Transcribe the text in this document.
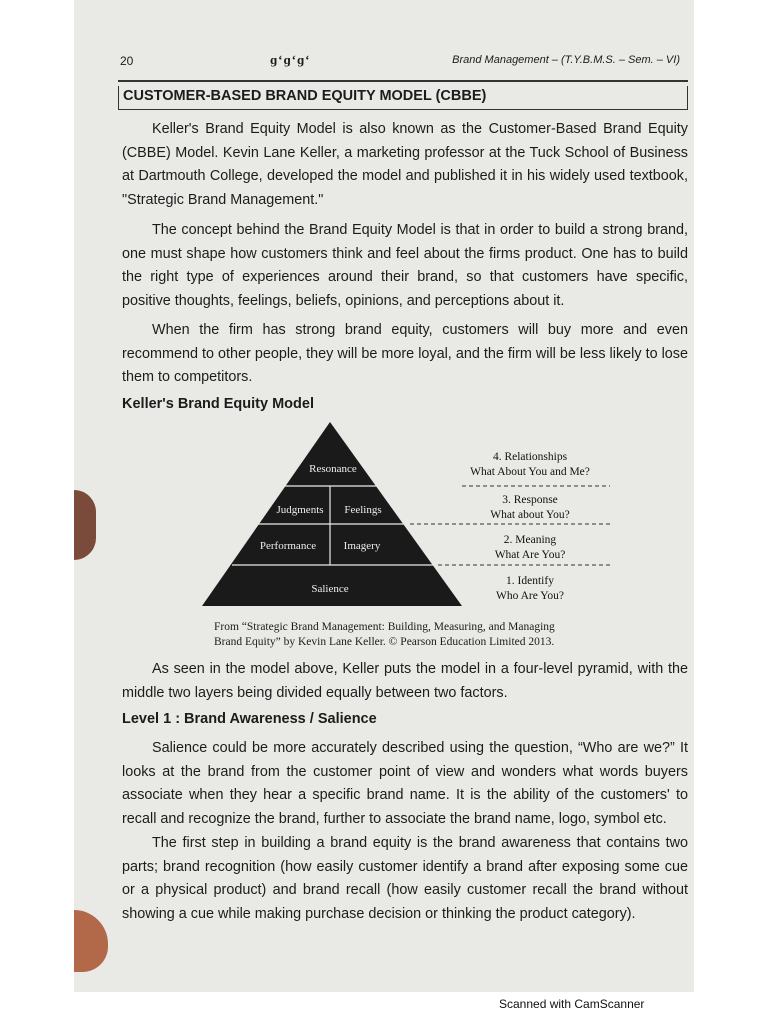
20	ɡʻɡʻɡʻ	Brand Management – (T.Y.B.M.S. – Sem. – VI)
CUSTOMER-BASED BRAND EQUITY MODEL (CBBE)

Keller's Brand Equity Model is also known as the Customer-Based Brand Equity (CBBE) Model. Kevin Lane Keller, a marketing professor at the Tuck School of Business at Dartmouth College, developed the model and published it in his widely used textbook, "Strategic Brand Management."

The concept behind the Brand Equity Model is that in order to build a strong brand, one must shape how customers think and feel about the firms product. One has to build the right type of experiences around their brand, so that customers have specific, positive thoughts, feelings, beliefs, opinions, and perceptions about it.

When the firm has strong brand equity, customers will buy more and even recommend to other people, they will be more loyal, and the firm will be less likely to lose them to competitors.

Keller's Brand Equity Model
Resonance
Judgments Feelings
Performance	Imagery
Salience
4. Relationships
What About You and Me?
3. Response
What about You?
2. Meaning
What Are You?
1. Identify
Who Are You?
From “Strategic Brand Management: Building, Measuring, and Managing
Brand Equity” by Kevin Lane Keller. © Pearson Education Limited 2013.

As seen in the model above, Keller puts the model in a four-level pyramid, with the middle two layers being divided equally between two factors.

Level 1 : Brand Awareness / Salience

Salience could be more accurately described using the question, “Who are we?” It looks at the brand from the customer point of view and wonders what words buyers associate when they hear a specific brand name. It is the ability of the customers' to recall and recognize the brand, further to associate the brand name, logo, symbol etc.

The first step in building a brand equity is the brand awareness that contains two parts; brand recognition (how easily customer identify a brand after exposing some cue or a physical product) and brand recall (how easily customer recall the brand without showing a cue while making purchase decision or thinking the product category).

Scanned with CamScanner
